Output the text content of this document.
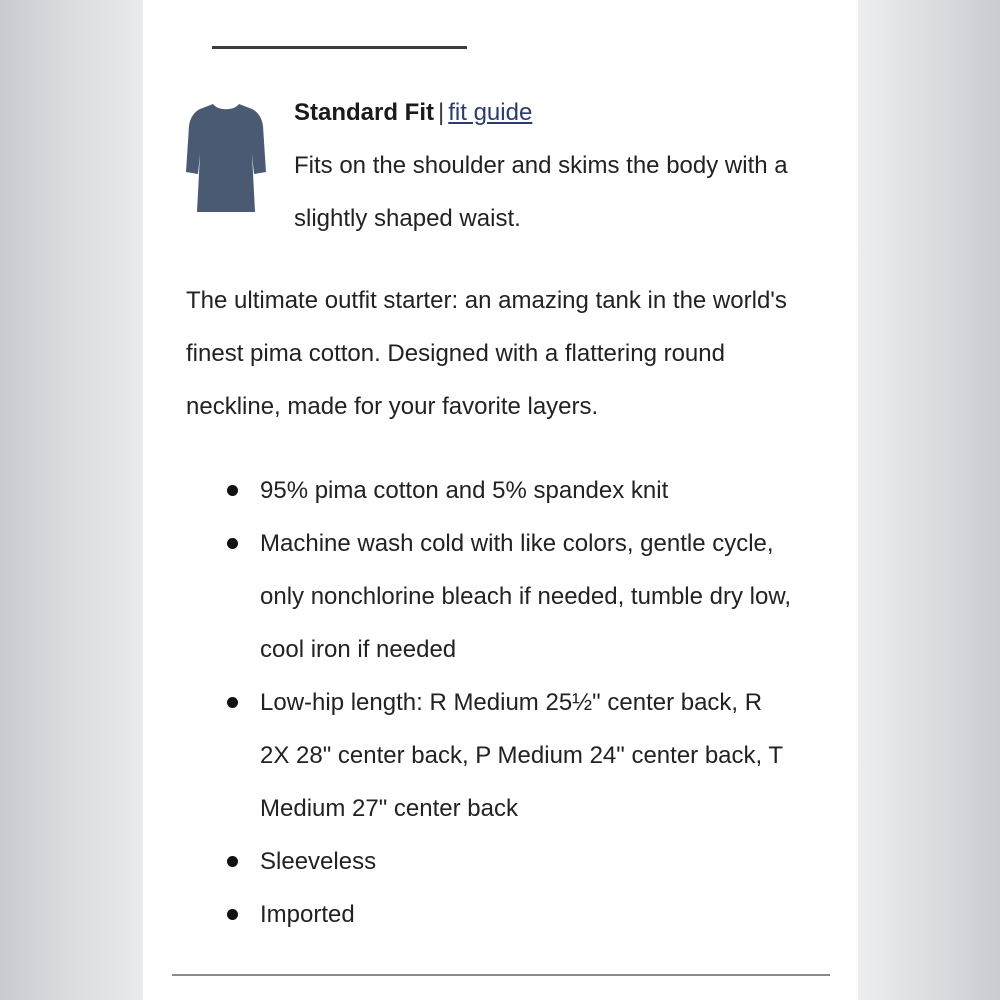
Standard Fit | fit guide
Fits on the shoulder and skims the body with a slightly shaped waist.

The ultimate outfit starter: an amazing tank in the world's finest pima cotton. Designed with a flattering round neckline, made for your favorite layers.

95% pima cotton and 5% spandex knit
Machine wash cold with like colors, gentle cycle, only nonchlorine bleach if needed, tumble dry low, cool iron if needed
Low-hip length: R Medium 25½" center back, R 2X 28" center back, P Medium 24" center back, T Medium 27" center back
Sleeveless
Imported
